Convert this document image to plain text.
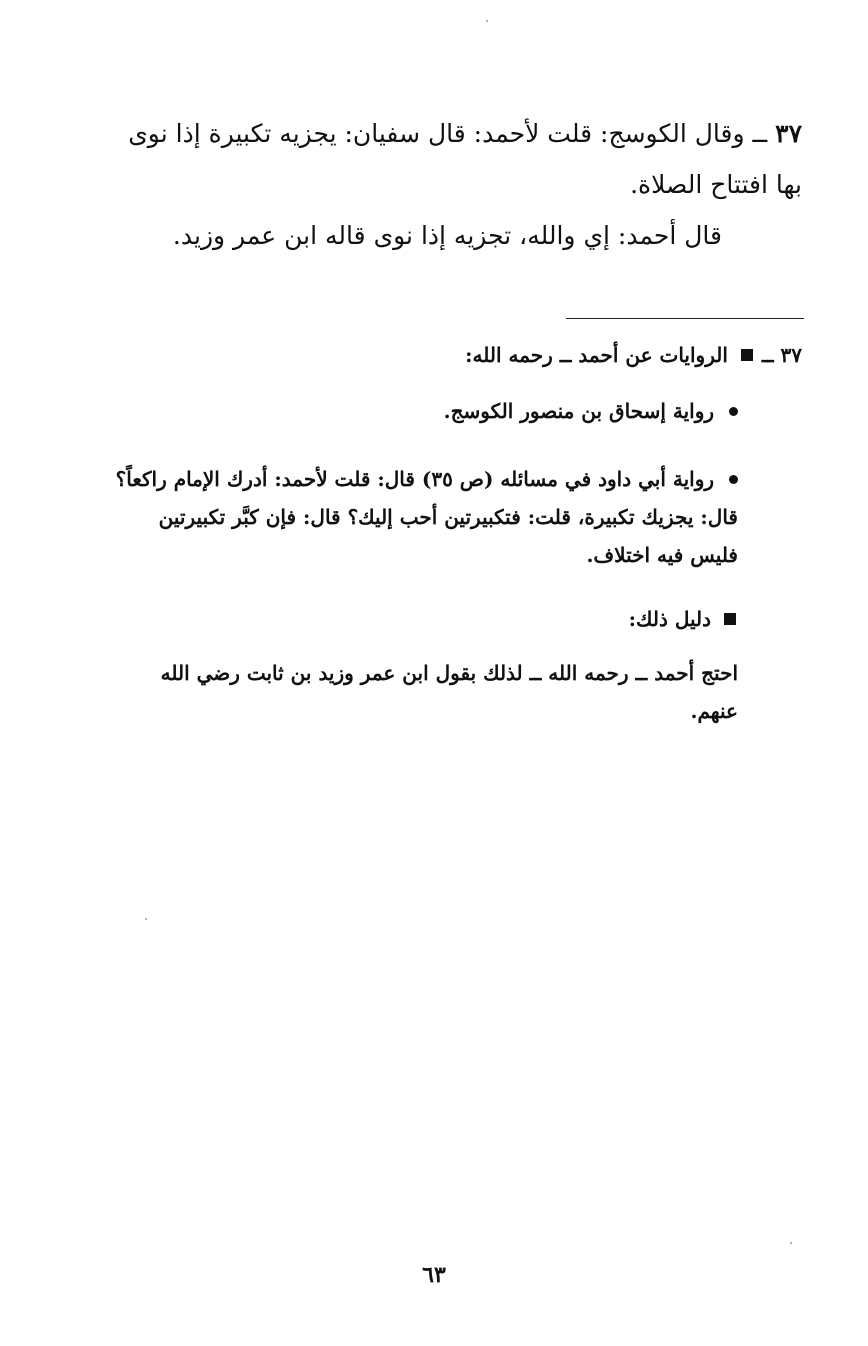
٣٧ ــ وقال الكوسج: قلت لأحمد: قال سفيان: يجزيه تكبيرة إذا نوى بها افتتاح الصلاة.
قال أحمد: إي والله، تجزيه إذا نوى قاله ابن عمر وزيد.
٣٧ ــ  الروايات عن أحمد ــ رحمه الله:
رواية إسحاق بن منصور الكوسج.
رواية أبي داود في مسائله (ص ٣٥) قال: قلت لأحمد: أدرك الإمام راكعاً؟ قال: يجزيك تكبيرة، قلت: فتكبيرتين أحب إليك؟ قال: فإن كبَّر تكبيرتين فليس فيه اختلاف.
دليل ذلك:
احتج أحمد ــ رحمه الله ــ لذلك بقول ابن عمر وزيد بن ثابت رضي الله عنهم.
٦٣
